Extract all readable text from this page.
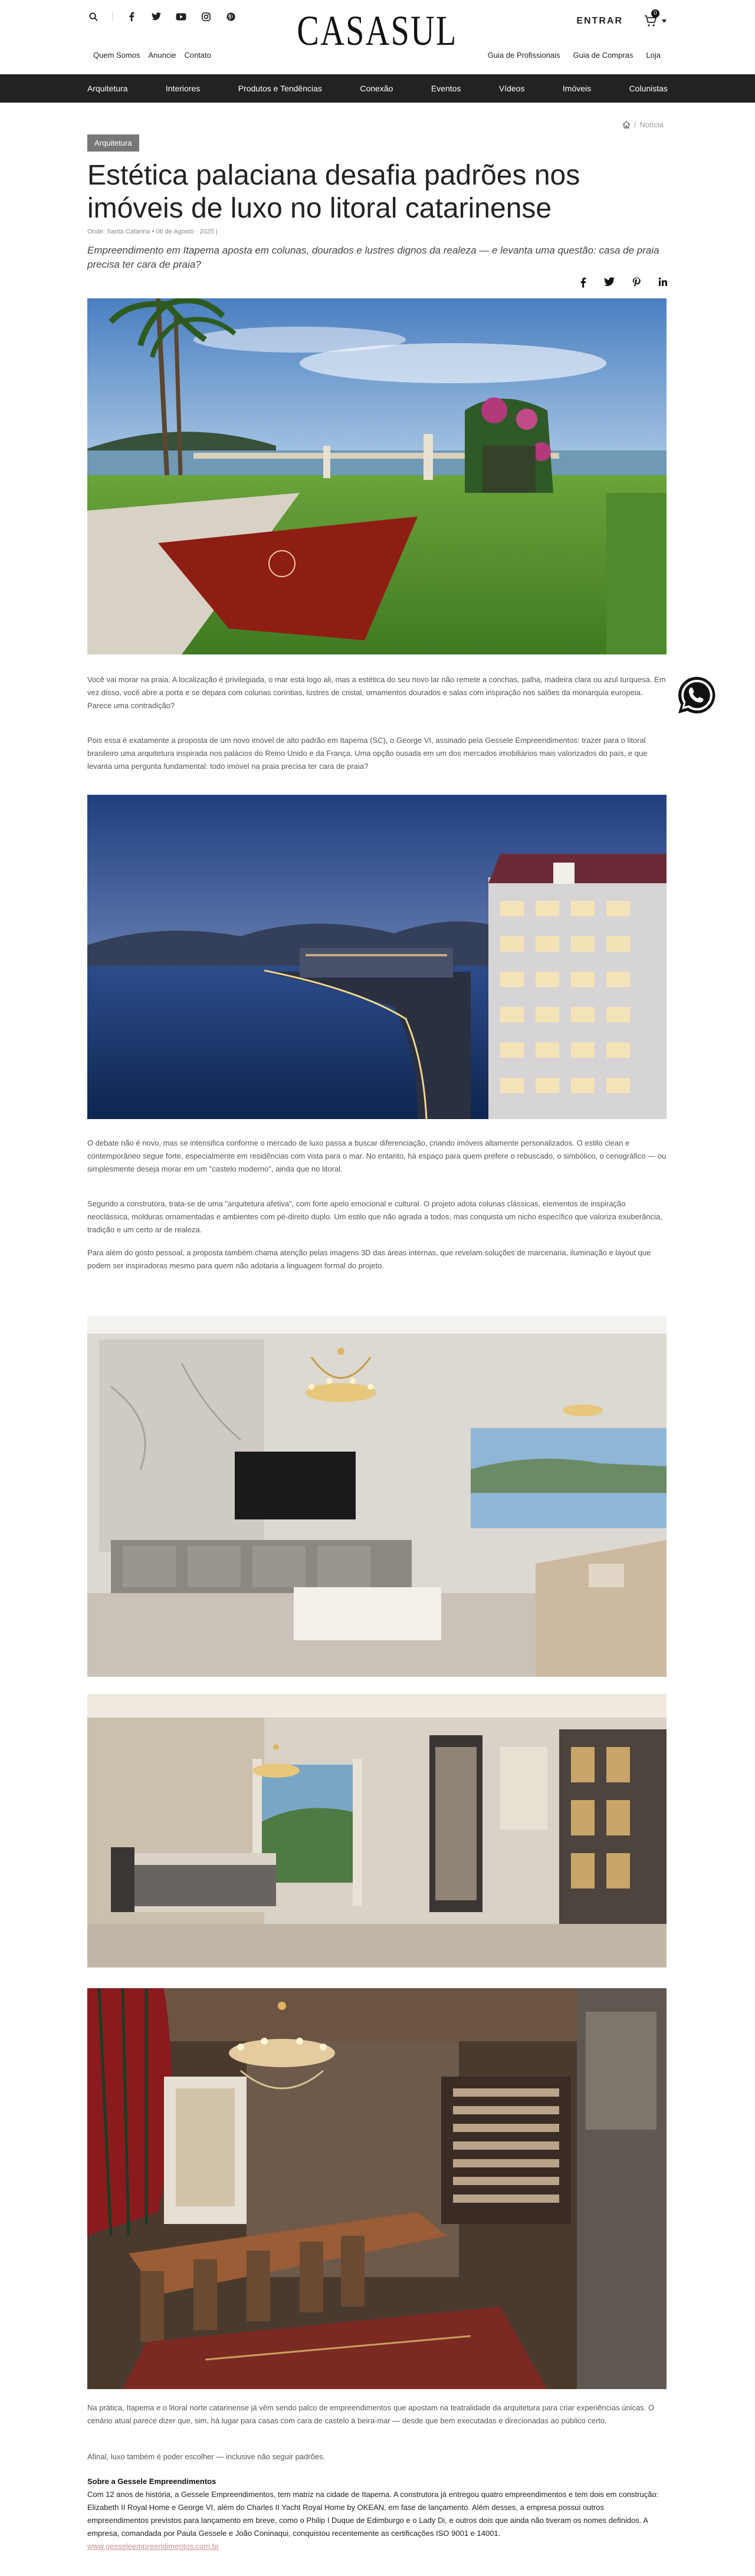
CASASUL	ENTRAR
0
Quem Somos Anuncie Contato	Guia de Profissionais Guia de Compras Loja
Arquitetura	Interiores	Produtos e Tendências	Conexão	Eventos	Vídeos	Imóveis	Colunistas
/ Notícia
Arquitetura
Estética palaciana desafia padrões nos imóveis de luxo no litoral catarinense
Onde: Santa Catarina • 06 de Agosto · 2025 |
Empreendimento em Itapema aposta em colunas, dourados e lustres dignos da realeza — e levanta uma questão: casa de praia precisa ter cara de praia?
Você vai morar na praia. A localização é privilegiada, o mar está logo ali, mas a estética do seu novo lar não remete a conchas, palha, madeira clara ou azul turquesa. Em vez disso, você abre a porta e se depara com colunas coríntias, lustres de cristal, ornamentos dourados e salas com inspiração nos salões da monarquia europeia. Parece uma contradição?
Pois essa é exatamente a proposta de um novo imóvel de alto padrão em Itapema (SC), o George VI, assinado pela Gessele Empreendimentos: trazer para o litoral brasileiro uma arquitetura inspirada nos palácios do Reino Unido e da França. Uma opção ousada em um dos mercados imobiliários mais valorizados do país, e que levanta uma pergunta fundamental: todo imóvel na praia precisa ter cara de praia?
O debate não é novo, mas se intensifica conforme o mercado de luxo passa a buscar diferenciação, criando imóveis altamente personalizados. O estilo clean e contemporâneo segue forte, especialmente em residências com vista para o mar. No entanto, há espaço para quem prefere o rebuscado, o simbólico, o cenográfico — ou simplesmente deseja morar em um "castelo moderno", ainda que no litoral.
Segundo a construtora, trata-se de uma "arquitetura afetiva", com forte apelo emocional e cultural. O projeto adota colunas clássicas, elementos de inspiração neoclássica, molduras ornamentadas e ambientes com pé-direito duplo. Um estilo que não agrada a todos, mas conquista um nicho específico que valoriza exuberância, tradição e um certo ar de realeza.
Para além do gosto pessoal, a proposta também chama atenção pelas imagens 3D das áreas internas, que revelam soluções de marcenaria, iluminação e layout que podem ser inspiradoras mesmo para quem não adotaria a linguagem formal do projeto.
Na prática, Itapema e o litoral norte catarinense já vêm sendo palco de empreendimentos que apostam na teatralidade da arquitetura para criar experiências únicas. O cenário atual parece dizer que, sim, há lugar para casas com cara de castelo à beira-mar — desde que bem executadas e direcionadas ao público certo.
Afinal, luxo também é poder escolher — inclusive não seguir padrões.
Sobre a Gessele Empreendimentos
Com 12 anos de história, a Gessele Empreendimentos, tem matriz na cidade de Itapema. A construtora já entregou quatro empreendimentos e tem dois em construção: Elizabeth II Royal Home e George VI, além do Charles II Yacht Royal Home by OKEAN, em fase de lançamento. Além desses, a empresa possui outros empreendimentos previstos para lançamento em breve, como o Philip I Duque de Edimburgo e o Lady Di, e outros dois que ainda não tiveram os nomes definidos. A empresa, comandada por Paula Gessele e João Coninaqui, conquistou recentemente as certificações ISO 9001 e 14001.
www.gesseleempreendimentos.com.br
